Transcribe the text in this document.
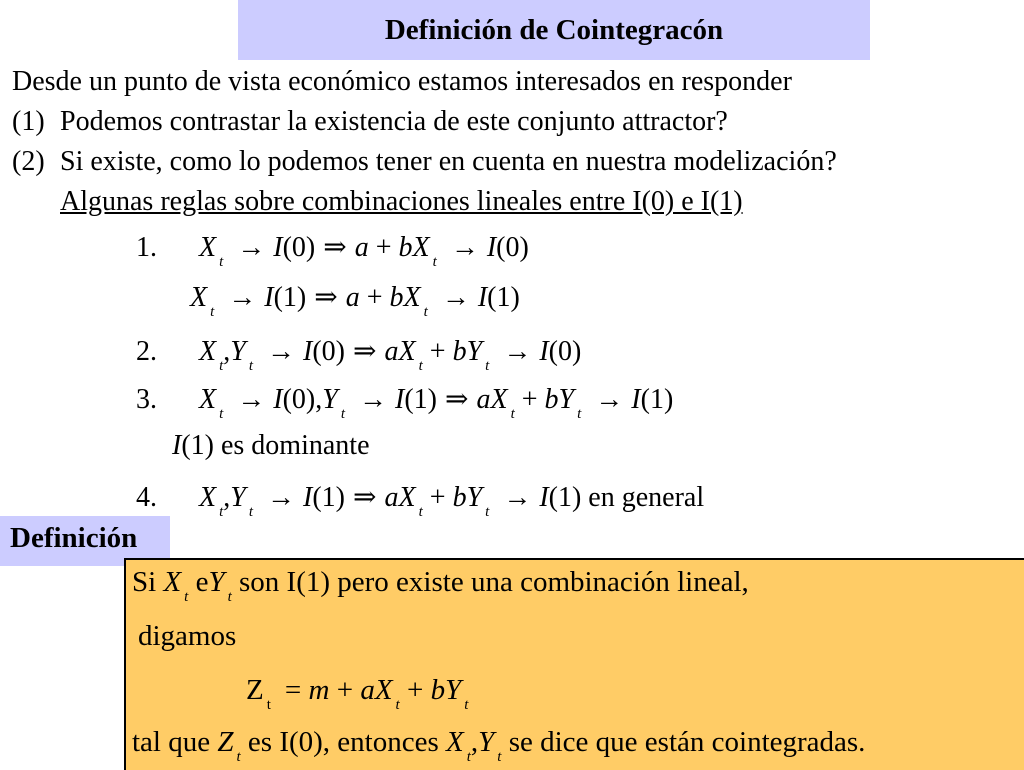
Definición de Cointegracón
Desde un punto de vista económico estamos interesados en responder
(1) Podemos contrastar la existencia de este conjunto attractor?
(2) Si existe, como lo podemos tener en cuenta en nuestra modelización?
Algunas reglas sobre combinaciones lineales entre I(0) e I(1)
1. X $_t$ → I(0) ⇒ a + bX $_t$ → I(0)
X $_t$ → I(1) ⇒ a + bX $_t$ → I(1)
2. X $_t$,Y $_t$ → I(0) ⇒ aX $_t$ + bY $_t$ → I(0)
3. X $_t$ → I(0),Y $_t$ → I(1) ⇒ aX $_t$ + bY $_t$ → I(1)
I(1) es dominante
4. X $_t$,Y $_t$ → I(1) ⇒ aX $_t$ + bY $_t$ → I(1) en general
Definición
Si X $_t$ eY $_t$ son I(1) pero existe una combinación lineal,
digamos
Z $_t$ = m + aX $_t$ + bY $_t$
tal que Z $_t$ es I(0), entonces X $_t$,Y $_t$ se dice que están cointegradas.
